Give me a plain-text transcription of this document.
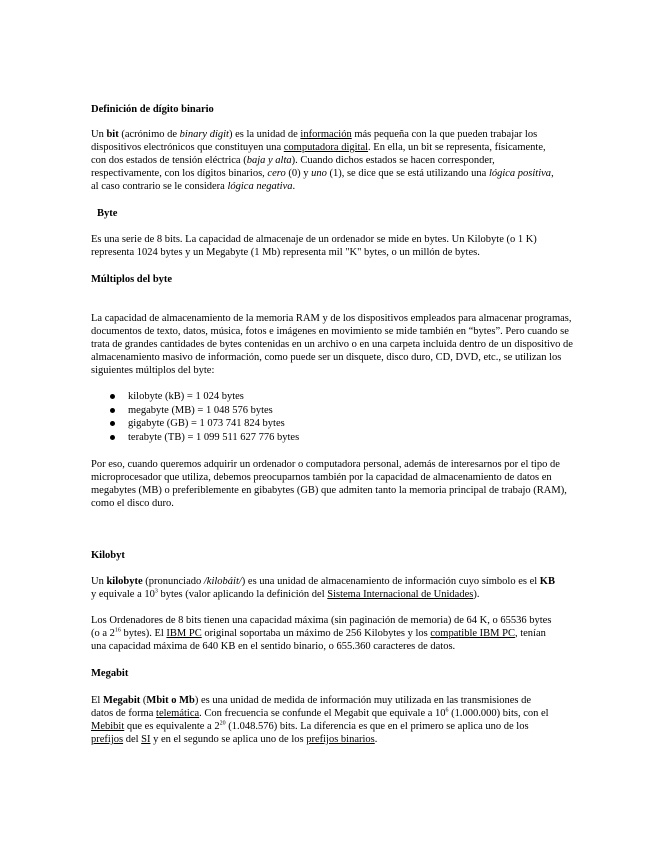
Definición de dígito binario
Un bit (acrónimo de binary digit) es la unidad de información más pequeña con la que pueden trabajar los
dispositivos electrónicos que constituyen una computadora digital. En ella, un bit se representa, físicamente,
con dos estados de tensión eléctrica (baja y alta). Cuando dichos estados se hacen corresponder,
respectivamente, con los dígitos binarios, cero (0) y uno (1), se dice que se está utilizando una lógica positiva,
al caso contrario se le considera lógica negativa.
Byte
Es una serie de 8 bits. La capacidad de almacenaje de un ordenador se mide en bytes. Un Kilobyte (o 1 K)
representa 1024 bytes y un Megabyte (1 Mb) representa mil "K" bytes, o un millón de bytes.
Múltiplos del byte
La capacidad de almacenamiento de la memoria RAM y de los dispositivos empleados para almacenar programas,
documentos de texto, datos, música, fotos e imágenes en movimiento se mide también en “bytes”. Pero cuando se
trata de grandes cantidades de bytes contenidas en un archivo o en una carpeta incluida dentro de un dispositivo de
almacenamiento masivo de información, como puede ser un disquete, disco duro, CD, DVD, etc., se utilizan los
siguientes múltiplos del byte:
kilobyte (kB) = 1 024 bytes
megabyte (MB) = 1 048 576 bytes
gigabyte (GB) = 1 073 741 824 bytes
terabyte (TB) = 1 099 511 627 776 bytes
Por eso, cuando queremos adquirir un ordenador o computadora personal, además de interesarnos por el tipo de
microprocesador que utiliza, debemos preocuparnos también por la capacidad de almacenamiento de datos en
megabytes (MB) o preferiblemente en gibabytes (GB) que admiten tanto la memoria principal de trabajo (RAM),
como el disco duro.
Kilobyt
Un kilobyte (pronunciado /kilobáit/) es una unidad de almacenamiento de información cuyo símbolo es el KB
y equivale a $10^3$ bytes (valor aplicando la definición del Sistema Internacional de Unidades).
Los Ordenadores de 8 bits tienen una capacidad máxima (sin paginación de memoria) de 64 K, o 65536 bytes
(o a $2^{16}$ bytes). El IBM PC original soportaba un máximo de 256 Kilobytes y los compatible IBM PC, tenían
una capacidad máxima de 640 KB en el sentido binario, o 655.360 caracteres de datos.
Megabit
El Megabit (Mbit o Mb) es una unidad de medida de información muy utilizada en las transmisiones de
datos de forma telemática. Con frecuencia se confunde el Megabit que equivale a $10^6$ (1.000.000) bits, con el
Mebibit que es equivalente a $2^{20}$ (1.048.576) bits. La diferencia es que en el primero se aplica uno de los
prefijos del SI y en el segundo se aplica uno de los prefijos binarios.
